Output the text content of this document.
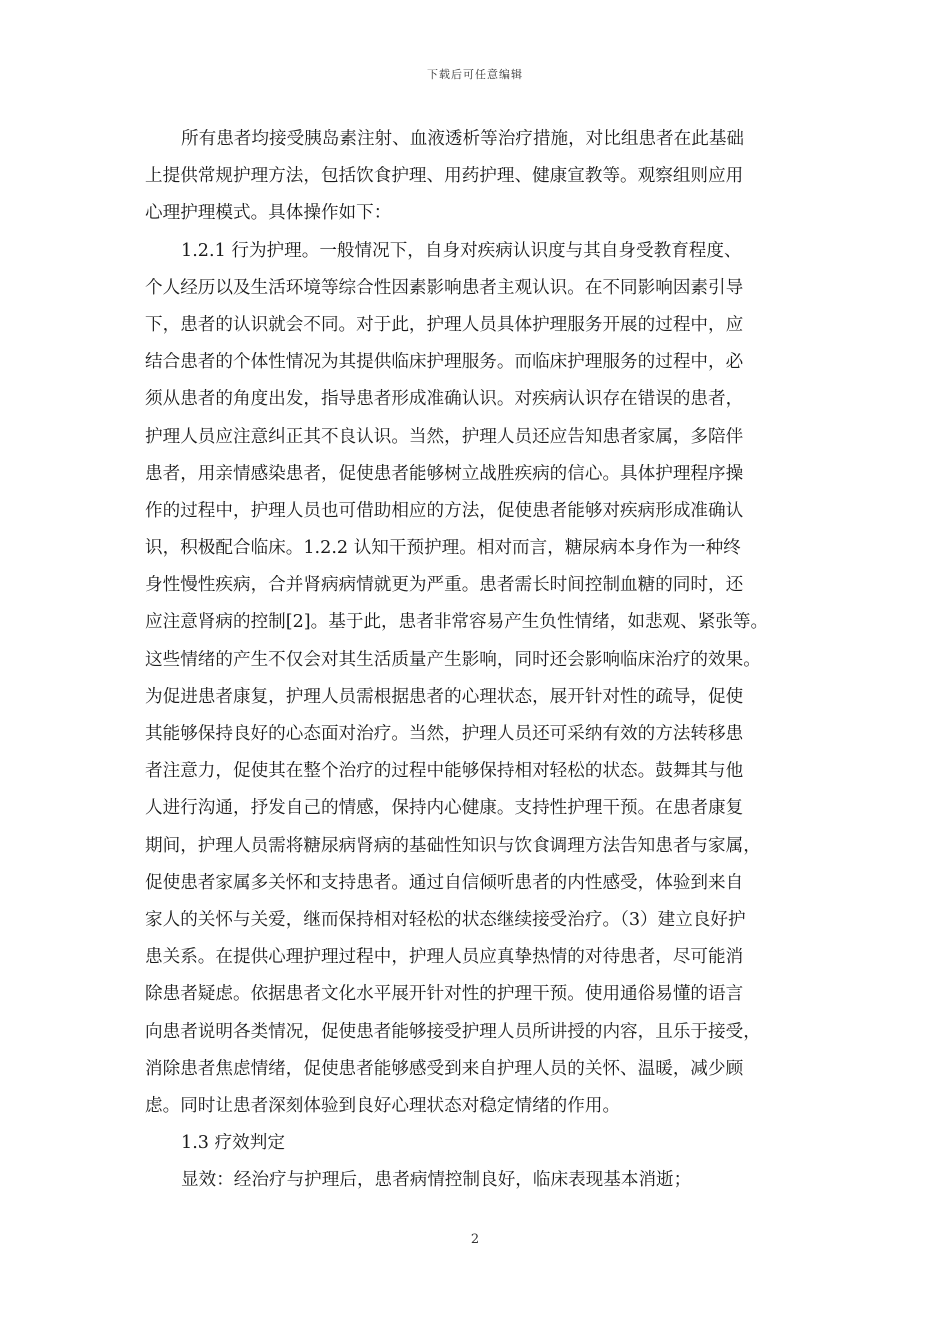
下载后可任意编辑
所有患者均接受胰岛素注射、血液透析等治疗措施，对比组患者在此基础
上提供常规护理方法，包括饮食护理、用药护理、健康宣教等。观察组则应用
心理护理模式。具体操作如下：
1.2.1 行为护理。一般情况下，自身对疾病认识度与其自身受教育程度、
个人经历以及生活环境等综合性因素影响患者主观认识。在不同影响因素引导
下，患者的认识就会不同。对于此，护理人员具体护理服务开展的过程中，应
结合患者的个体性情况为其提供临床护理服务。而临床护理服务的过程中，必
须从患者的角度出发，指导患者形成准确认识。对疾病认识存在错误的患者，
护理人员应注意纠正其不良认识。当然，护理人员还应告知患者家属，多陪伴
患者，用亲情感染患者，促使患者能够树立战胜疾病的信心。具体护理程序操
作的过程中，护理人员也可借助相应的方法，促使患者能够对疾病形成准确认
识，积极配合临床。1.2.2 认知干预护理。相对而言，糖尿病本身作为一种终
身性慢性疾病，合并肾病病情就更为严重。患者需长时间控制血糖的同时，还
应注意肾病的控制[2]。基于此，患者非常容易产生负性情绪，如悲观、紧张等。
这些情绪的产生不仅会对其生活质量产生影响，同时还会影响临床治疗的效果。
为促进患者康复，护理人员需根据患者的心理状态，展开针对性的疏导，促使
其能够保持良好的心态面对治疗。当然，护理人员还可采纳有效的方法转移患
者注意力，促使其在整个治疗的过程中能够保持相对轻松的状态。鼓舞其与他
人进行沟通，抒发自己的情感，保持内心健康。支持性护理干预。在患者康复
期间，护理人员需将糖尿病肾病的基础性知识与饮食调理方法告知患者与家属，
促使患者家属多关怀和支持患者。通过自信倾听患者的内性感受，体验到来自
家人的关怀与关爱，继而保持相对轻松的状态继续接受治疗。（3）建立良好护
患关系。在提供心理护理过程中，护理人员应真挚热情的对待患者，尽可能消
除患者疑虑。依据患者文化水平展开针对性的护理干预。使用通俗易懂的语言
向患者说明各类情况，促使患者能够接受护理人员所讲授的内容，且乐于接受，
消除患者焦虑情绪，促使患者能够感受到来自护理人员的关怀、温暖，减少顾
虑。同时让患者深刻体验到良好心理状态对稳定情绪的作用。
1.3 疗效判定
显效：经治疗与护理后，患者病情控制良好，临床表现基本消逝；
2
